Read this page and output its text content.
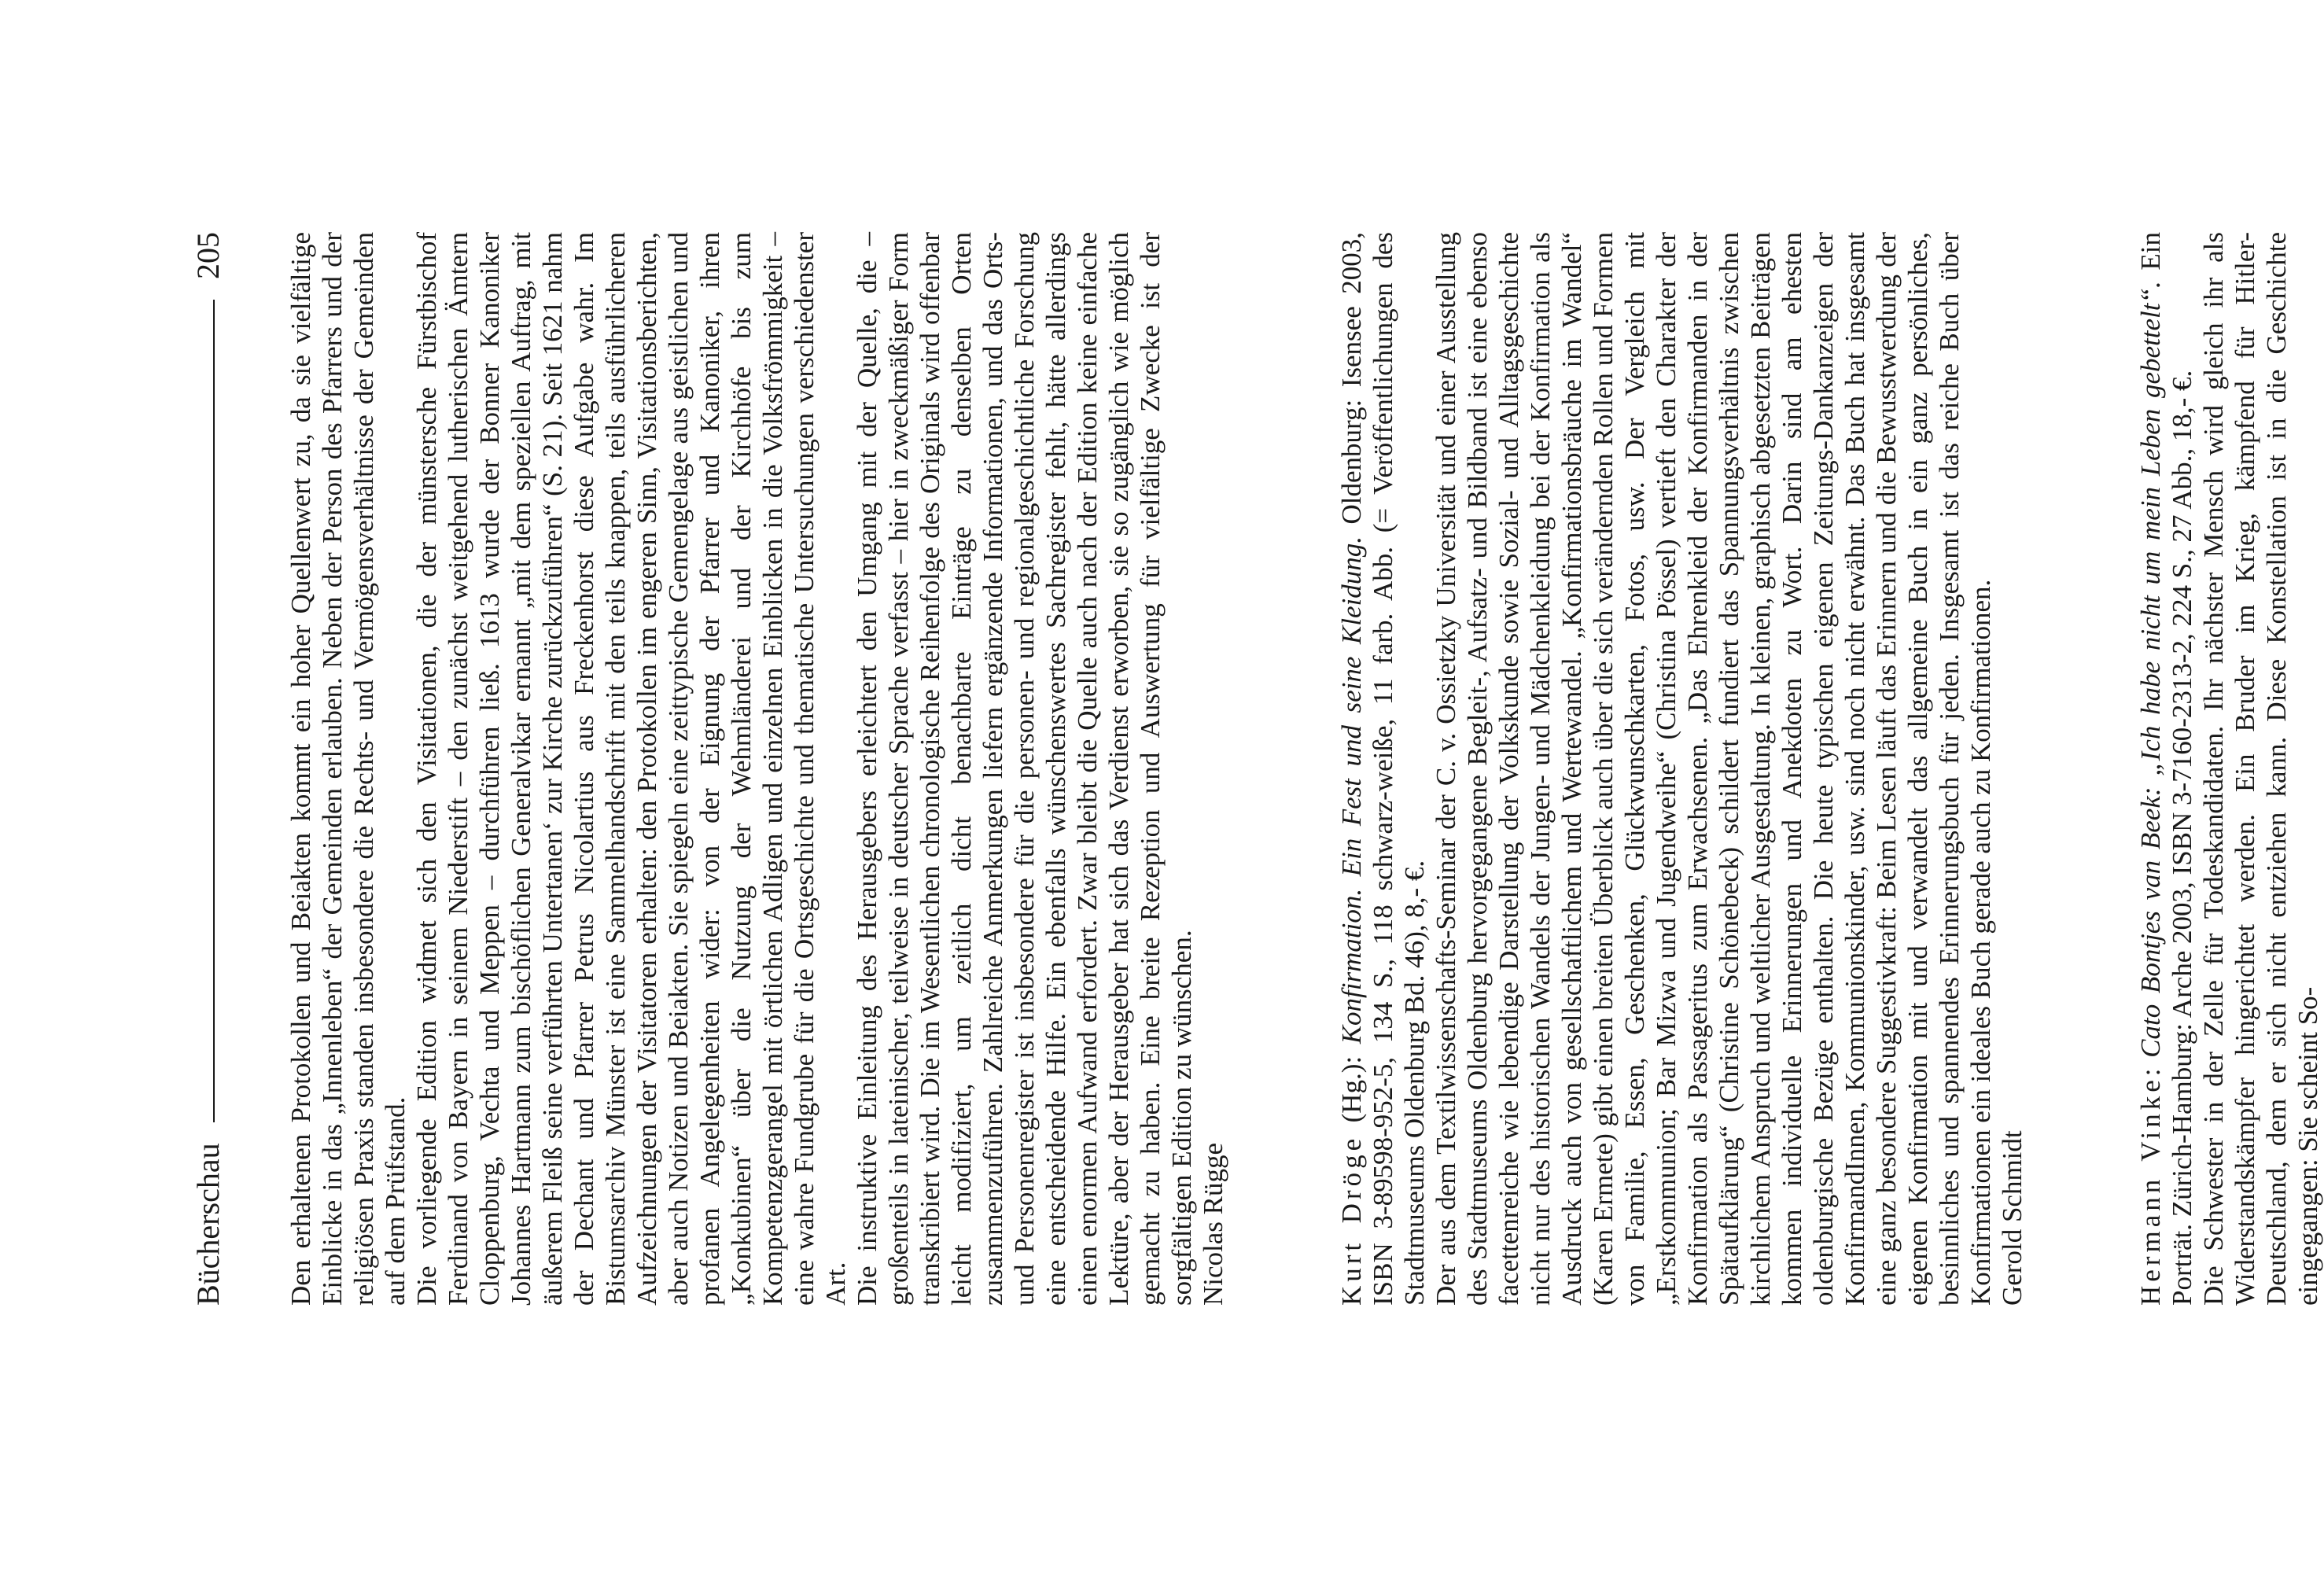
Bücherschau
205 Den erhaltenen Protokollen und Beiakten kommt ein hoher Quellenwert zu, da sie vielfältige Einblicke in das „Innenleben“ der Gemeinden erlauben. Neben der Person des Pfarrers und der religiösen Praxis standen insbesondere die Rechts- und Vermögensverhältnisse der Gemeinden auf dem Prüfstand. Die vorliegende Edition widmet sich den Visitationen, die der münstersche Fürstbischof Ferdinand von Bayern in seinem Niederstift – den zunächst weitgehend lutherischen Ämtern Cloppenburg, Vechta und Meppen – durchführen ließ. 1613 wurde der Bonner Kanoniker Johannes Hartmann zum bischöflichen Generalvikar ernannt „mit dem speziellen Auftrag, mit äußerem Fleiß seine verführten Untertanen‘ zur Kirche zurückzuführen“ (S. 21). Seit 1621 nahm der Dechant und Pfarrer Petrus Nicolartius aus Freckenhorst diese Aufgabe wahr. Im Bistumsarchiv Münster ist eine Sammelhandschrift mit den teils knappen, teils ausführlicheren Aufzeichnungen der Visitatoren erhalten: den Protokollen im engeren Sinn, Visitationsberichten, aber auch Notizen und Beiakten. Sie spiegeln eine zeittypische Gemengelage aus geistlichen und profanen Angelegenheiten wider: von der Eignung der Pfarrer und Kanoniker, ihren „Konkubinen“ über die Nutzung der Wehmländerei und der Kirchhöfe bis zum Kompetenzgerangel mit örtlichen Adligen und einzelnen Einblicken in die Volksfrömmigkeit – eine wahre Fundgrube für die Ortsgeschichte und thematische Untersuchungen verschiedenster Art. Die instruktive Einleitung des Herausgebers erleichtert den Umgang mit der Quelle, die – großenteils in lateinischer, teilweise in deutscher Sprache verfasst – hier in zweckmäßiger Form transkribiert wird. Die im Wesentlichen chronologische Reihenfolge des Originals wird offenbar leicht modifiziert, um zeitlich dicht benachbarte Einträge zu denselben Orten zusammenzuführen. Zahlreiche Anmerkungen liefern ergänzende Informationen, und das Orts- und Personenregister ist insbesondere für die personen- und regionalgeschichtliche Forschung eine entscheidende Hilfe. Ein ebenfalls wünschenswertes Sachregister fehlt, hätte allerdings einen enormen Aufwand erfordert. Zwar bleibt die Quelle auch nach der Edition keine einfache Lektüre, aber der Herausgeber hat sich das Verdienst erworben, sie so zugänglich wie möglich gemacht zu haben. Eine breite Rezeption und Auswertung für vielfältige Zwecke ist der sorgfältigen Edition zu wünschen. Nicolas Rügge	Kurt Dröge (Hg.): Konfirmation. Ein Fest und seine Kleidung. Oldenburg: Isensee 2003, ISBN 3-89598-952-5, 134 S., 118 schwarz-weiße, 11 farb. Abb. (= Veröffentlichungen des Stadtmuseums Oldenburg Bd. 46), 8,- €. Der aus dem Textilwissenschafts-Seminar der C. v. Ossietzky Universität und einer Ausstellung des Stadtmuseums Oldenburg hervorgegangene Begleit-, Aufsatz- und Bildband ist eine ebenso facettenreiche wie lebendige Darstellung der Volkskunde sowie Sozial- und Alltagsgeschichte nicht nur des historischen Wandels der Jungen- und Mädchenkleidung bei der Konfirmation als Ausdruck auch von gesellschaftlichem und Wertewandel. „Konfirmationsbräuche im Wandel“ (Karen Ermete) gibt einen breiten Überblick auch über die sich verändernden Rollen und Formen von Familie, Essen, Geschenken, Glückwunschkarten, Fotos, usw. Der Vergleich mit „Erstkommunion; Bar Mizwa und Jugendweihe“ (Christina Pössel) vertieft den Charakter der Konfirmation als Passageritus zum Erwachsenen. „Das Ehrenkleid der Konfirmanden in der Spätaufklärung“ (Christine Schönebeck) schildert fundiert das Spannungsverhältnis zwischen kirchlichem Anspruch und weltlicher Ausgestaltung. In kleinen, graphisch abgesetzten Beiträgen kommen individuelle Erinnerungen und Anekdoten zu Wort. Darin sind am ehesten oldenburgische Bezüge enthalten. Die heute typischen eigenen Zeitungs-Dankanzeigen der KonfirmandInnen, Kommunionskinder, usw. sind noch nicht erwähnt. Das Buch hat insgesamt eine ganz besondere Suggestivkraft: Beim Lesen läuft das Erinnern und die Bewusstwerdung der eigenen Konfirmation mit und verwandelt das allgemeine Buch in ein ganz persönliches, besinnliches und spannendes Erinnerungsbuch für jeden. Insgesamt ist das reiche Buch über Konfirmationen ein ideales Buch gerade auch zu Konfirmationen. Gerold Schmidt	Hermann Vinke: Cato Bontjes van Beek: „Ich habe nicht um mein Leben gebettelt“. Ein Porträt. Zürich-Hamburg: Arche 2003, ISBN 3-7160-2313-2, 224 S., 27 Abb., 18,- €. Die Schwester in der Zelle für Todeskandidaten. Ihr nächster Mensch wird gleich ihr als Widerstandskämpfer hingerichtet werden. Ein Bruder im Krieg, kämpfend für Hitler-Deutschland, dem er sich nicht entziehen kann. Diese Konstellation ist in die Geschichte eingegangen: Sie scheint So-
